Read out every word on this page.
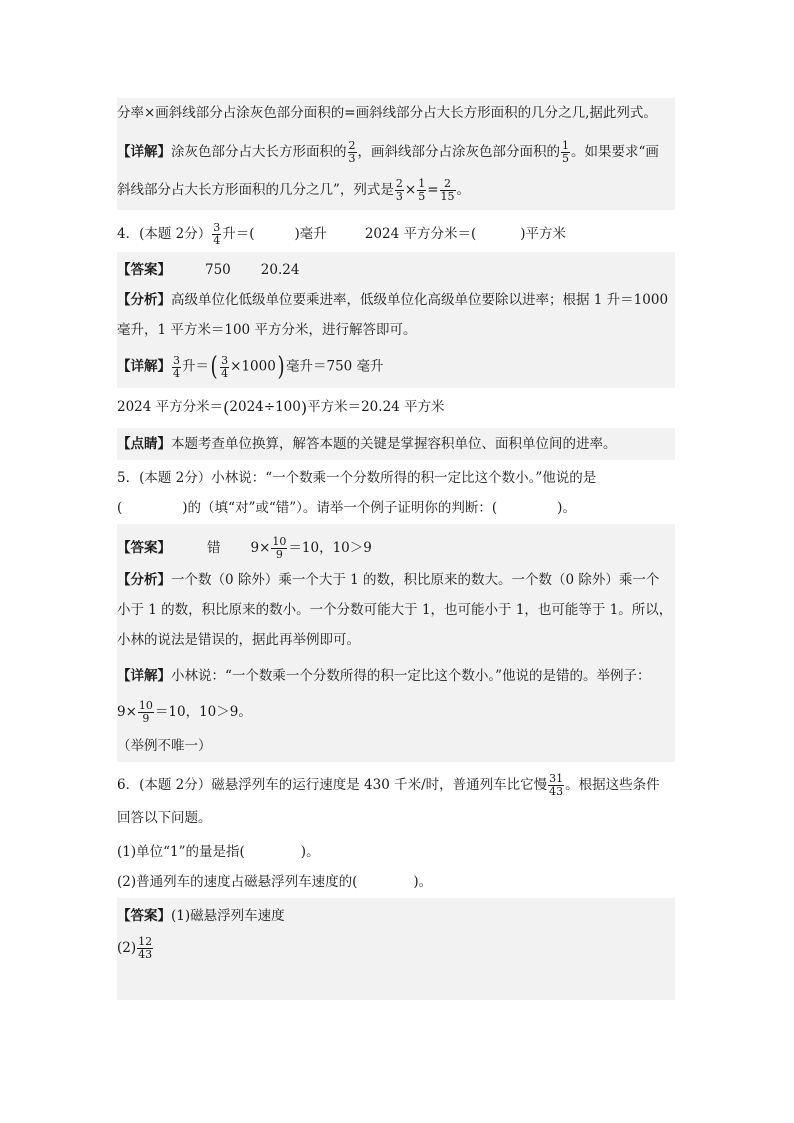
分率×画斜线部分占涂灰色部分面积的=画斜线部分占大长方形面积的几分之几,据此列式。
【详解】涂灰色部分占大长方形面积的 $\frac{2}{3}$ ，画斜线部分占涂灰色部分面积的 $\frac{1}{5}$ 。如果要求“画
斜线部分占大长方形面积的几分之几”，列式是 $\frac{2}{3} \times \frac{1}{5} = \frac{2}{15}$ 。
4．(本题 2分） $\frac{3}{4}$ 升＝(	)毫升	2024 平方分米＝(	)平方米
【答案】	750 20.24
【分析】高级单位化低级单位要乘进率，低级单位化高级单位要除以进率；根据 1 升＝1000
毫升，1 平方米＝100 平方分米，进行解答即可。
【详解】 $\frac{3}{4}$ 升＝( $\frac{3}{4} \times 1000$) 毫升＝750 毫升
2024 平方分米＝(2024÷100)平方米＝20.24 平方米
【点睛】本题考查单位换算，解答本题的关键是掌握容积单位、面积单位间的进率。
5．(本题 2分）小林说：“一个数乘一个分数所得的积一定比这个数小。”他说的是
(	)的（填“对”或“错”）。请举一个例子证明你的判断：(	)。
【答案】	错 $9\times \frac{10}{9} =10$，10＞9
【分析】一个数（0 除外）乘一个大于 1 的数，积比原来的数大。一个数（0 除外）乘一个
小于 1 的数，积比原来的数小。一个分数可能大于 1，也可能小于 1，也可能等于 1。所以，
小林的说法是错误的，据此再举例即可。
【详解】小林说：“一个数乘一个分数所得的积一定比这个数小。”他说的是错的。举例子：
$9\times \frac{10}{9} =10$，10＞9。
（举例不唯一）
6．(本题 2分）磁悬浮列车的运行速度是 430 千米/时，普通列车比它慢 $\frac{31}{43}$ 。根据这些条件
回答以下问题。
(1)单位“1”的量是指(	)。
(2)普通列车的速度占磁悬浮列车速度的(	)。
【答案】(1)磁悬浮列车速度
$(2) \frac{12}{43}$
